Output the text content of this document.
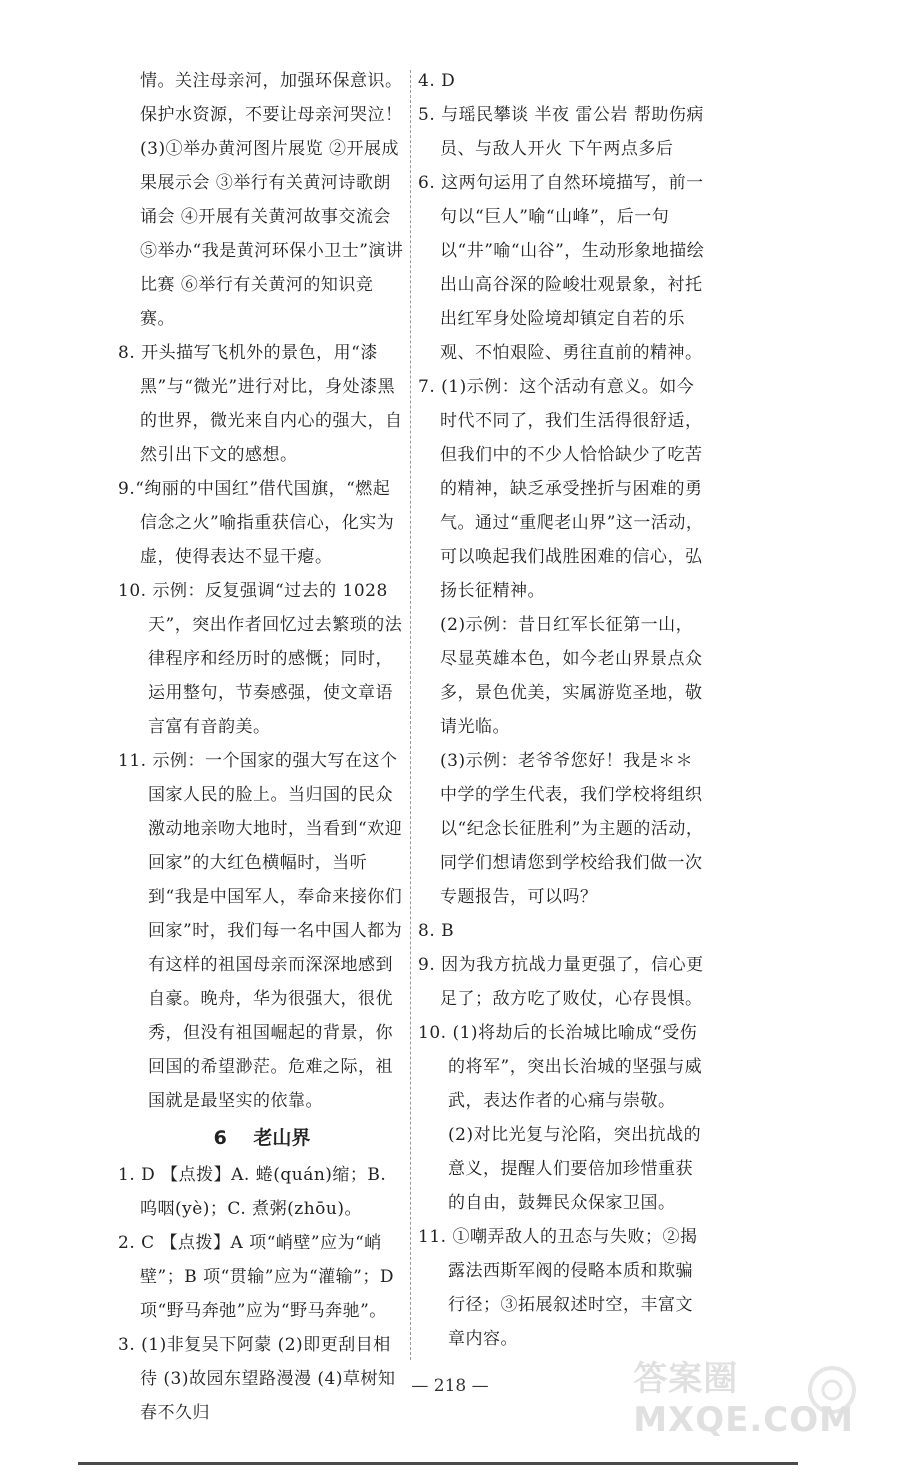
情。关注母亲河，加强环保意识。

保护水资源，不要让母亲河哭泣！

(3)①举办黄河图片展览 ②开展成果展示会 ③举行有关黄河诗歌朗诵会 ④开展有关黄河故事交流会 ⑤举办“我是黄河环保小卫士”演讲比赛 ⑥举行有关黄河的知识竞赛。

8. 开头描写飞机外的景色，用“漆黑”与“微光”进行对比，身处漆黑的世界，微光来自内心的强大，自然引出下文的感想。

9.“绚丽的中国红”借代国旗，“燃起信念之火”喻指重获信心，化实为虚，使得表达不显干瘪。

10. 示例：反复强调“过去的 1028 天”，突出作者回忆过去繁琐的法律程序和经历时的感慨；同时，运用整句，节奏感强，使文章语言富有音韵美。

11. 示例：一个国家的强大写在这个国家人民的脸上。当归国的民众激动地亲吻大地时，当看到“欢迎回家”的大红色横幅时，当听到“我是中国军人，奉命来接你们回家”时，我们每一名中国人都为有这样的祖国母亲而深深地感到自豪。晚舟，华为很强大，很优秀，但没有祖国崛起的背景，你回国的希望渺茫。危难之际，祖国就是最坚实的依靠。

6 老山界

1. D 【点拨】A. 蜷(quán)缩；B. 呜咽(yè)；C. 煮粥(zhōu)。

2. C 【点拨】A 项“峭壁”应为“峭壁”；B 项“贯输”应为“灌输”；D 项“野马奔弛”应为“野马奔驰”。

3. (1)非复吴下阿蒙 (2)即更刮目相待 (3)故园东望路漫漫 (4)草树知春不久归

4. D

5. 与瑶民攀谈 半夜 雷公岩 帮助伤病员、与敌人开火 下午两点多后

6. 这两句运用了自然环境描写，前一句以“巨人”喻“山峰”，后一句以“井”喻“山谷”，生动形象地描绘出山高谷深的险峻壮观景象，衬托出红军身处险境却镇定自若的乐观、不怕艰险、勇往直前的精神。

7. (1)示例：这个活动有意义。如今时代不同了，我们生活得很舒适，但我们中的不少人恰恰缺少了吃苦的精神，缺乏承受挫折与困难的勇气。通过“重爬老山界”这一活动，可以唤起我们战胜困难的信心，弘扬长征精神。

(2)示例：昔日红军长征第一山，尽显英雄本色，如今老山界景点众多，景色优美，实属游览圣地，敬请光临。

(3)示例：老爷爷您好！我是＊＊中学的学生代表，我们学校将组织以“纪念长征胜利”为主题的活动，同学们想请您到学校给我们做一次专题报告，可以吗？

8. B

9. 因为我方抗战力量更强了，信心更足了；敌方吃了败仗，心存畏惧。

10. (1)将劫后的长治城比喻成“受伤的将军”，突出长治城的坚强与威武，表达作者的心痛与崇敬。

(2)对比光复与沦陷，突出抗战的意义，提醒人们要倍加珍惜重获的自由，鼓舞民众保家卫国。

11. ①嘲弄敌人的丑态与失败；②揭露法西斯军阀的侵略本质和欺骗行径；③拓展叙述时空，丰富文章内容。

— 218 —	答案圈 MXQE.COM
